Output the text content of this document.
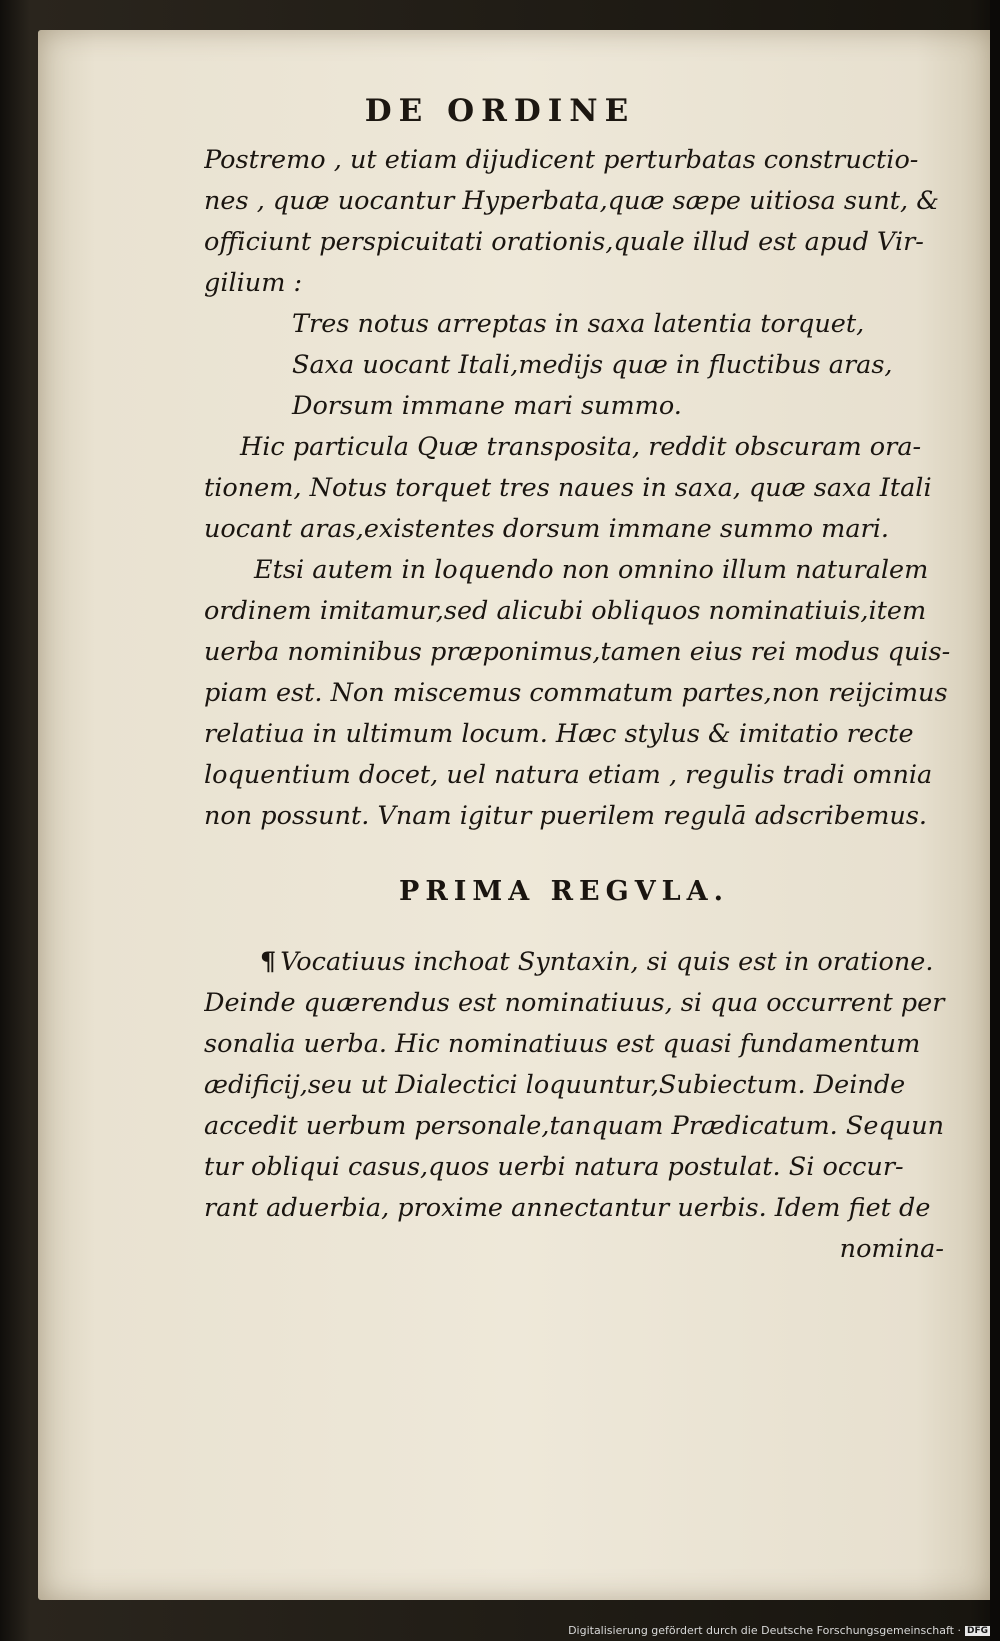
DE ORDINE
Postremo , ut etiam dijudicent perturbatas constructio-
nes , quæ uocantur Hyperbata,quæ sæpe uitiosa sunt, &
officiunt perspicuitati orationis,quale illud est apud Vir-
gilium :
Tres notus arreptas in saxa latentia torquet,
Saxa uocant Itali,medijs quæ in fluctibus aras,
Dorsum immane mari summo.
Hic particula Quæ transposita, reddit obscuram ora-
tionem, Notus torquet tres naues in saxa, quæ saxa Itali
uocant aras,existentes dorsum immane summo mari.
Etsi autem in loquendo non omnino illum naturalem
ordinem imitamur,sed alicubi obliquos nominatiuis,item
uerba nominibus præponimus,tamen eius rei modus quis-
piam est. Non miscemus commatum partes,non reijcimus
relatiua in ultimum locum. Hæc stylus & imitatio recte
loquentium docet, uel natura etiam , regulis tradi omnia
non possunt. Vnam igitur puerilem regulā adscribemus.
PRIMA REGVLA.
¶ Vocatiuus inchoat Syntaxin, si quis est in oratione.
Deinde quærendus est nominatiuus, si qua occurrent per
sonalia uerba. Hic nominatiuus est quasi fundamentum
ædificij,seu ut Dialectici loquuntur,Subiectum. Deinde
accedit uerbum personale,tanquam Prædicatum. Sequun
tur obliqui casus,quos uerbi natura postulat. Si occur-
rant aduerbia, proxime annectantur uerbis. Idem fiet de
nomina-
Digitalisierung gefördert durch die Deutsche Forschungsgemeinschaft · DFG
